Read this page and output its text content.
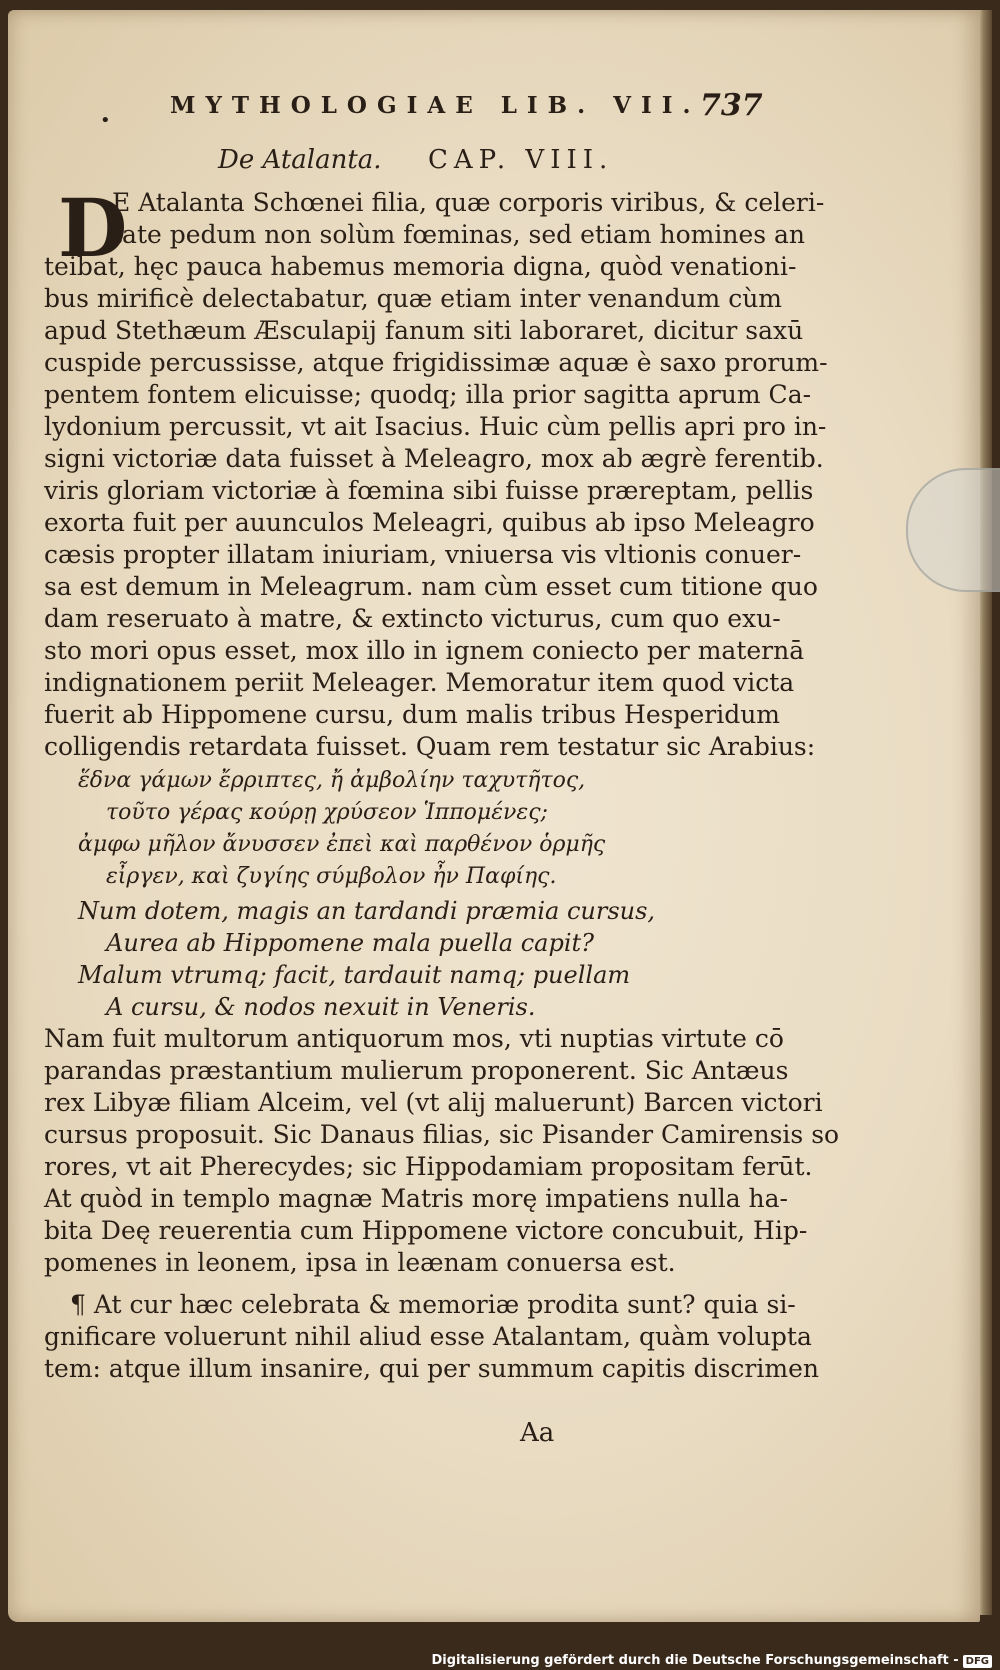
•
MYTHOLOGIAE LIB. VII. 737
De Atalanta. CAP. VIII.
D
E Atalanta Schœnei filia, quæ corporis viribus, & celeri-
tate pedum non solùm fœminas, sed etiam homines an
teibat, hęc pauca habemus memoria digna, quòd venationi-
bus mirificè delectabatur, quæ etiam inter venandum cùm
apud Stethæum Æsculapij fanum siti laboraret, dicitur saxū
cuspide percussisse, atque frigidissimæ aquæ è saxo prorum-
pentem fontem elicuisse; quodq; illa prior sagitta aprum Ca-
lydonium percussit, vt ait Isacius. Huic cùm pellis apri pro in-
signi victoriæ data fuisset à Meleagro, mox ab ægrè ferentib.
viris gloriam victoriæ à fœmina sibi fuisse præreptam, pellis
exorta fuit per auunculos Meleagri, quibus ab ipso Meleagro
cæsis propter illatam iniuriam, vniuersa vis vltionis conuer-
sa est demum in Meleagrum. nam cùm esset cum titione quo
dam reseruato à matre, & extincto victurus, cum quo exu-
sto mori opus esset, mox illo in ignem coniecto per maternā
indignationem periit Meleager. Memoratur item quod victa
fuerit ab Hippomene cursu, dum malis tribus Hesperidum
colligendis retardata fuisset. Quam rem testatur sic Arabius:
ἕδνα γάμων ἔρριπτες, ἤ ἀμβολίην ταχυτῆτος,
τοῦτο γέρας κούρῃ χρύσεον Ἱππομένες;
ἀμφω μῆλον ἄνυσσεν ἐπεὶ καὶ παρθένον ὁρμῆς
εἶργεν, καὶ ζυγίης σύμβολον ἦν Παφίης.
Num dotem, magis an tardandi præmia cursus,
Aurea ab Hippomene mala puella capit?
Malum vtrumq; facit, tardauit namq; puellam
A cursu, & nodos nexuit in Veneris.
Nam fuit multorum antiquorum mos, vti nuptias virtute cō
parandas præstantium mulierum proponerent. Sic Antæus
rex Libyæ filiam Alceim, vel (vt alij maluerunt) Barcen victori
cursus proposuit. Sic Danaus filias, sic Pisander Camirensis so
rores, vt ait Pherecydes; sic Hippodamiam propositam ferūt.
At quòd in templo magnæ Matris morę impatiens nulla ha-
bita Deę reuerentia cum Hippomene victore concubuit, Hip-
pomenes in leonem, ipsa in leænam conuersa est.
¶ At cur hæc celebrata & memoriæ prodita sunt? quia si-
gnificare voluerunt nihil aliud esse Atalantam, quàm volupta
tem: atque illum insanire, qui per summum capitis discrimen
Aa
Digitalisierung gefördert durch die Deutsche Forschungsgemeinschaft - DFG
